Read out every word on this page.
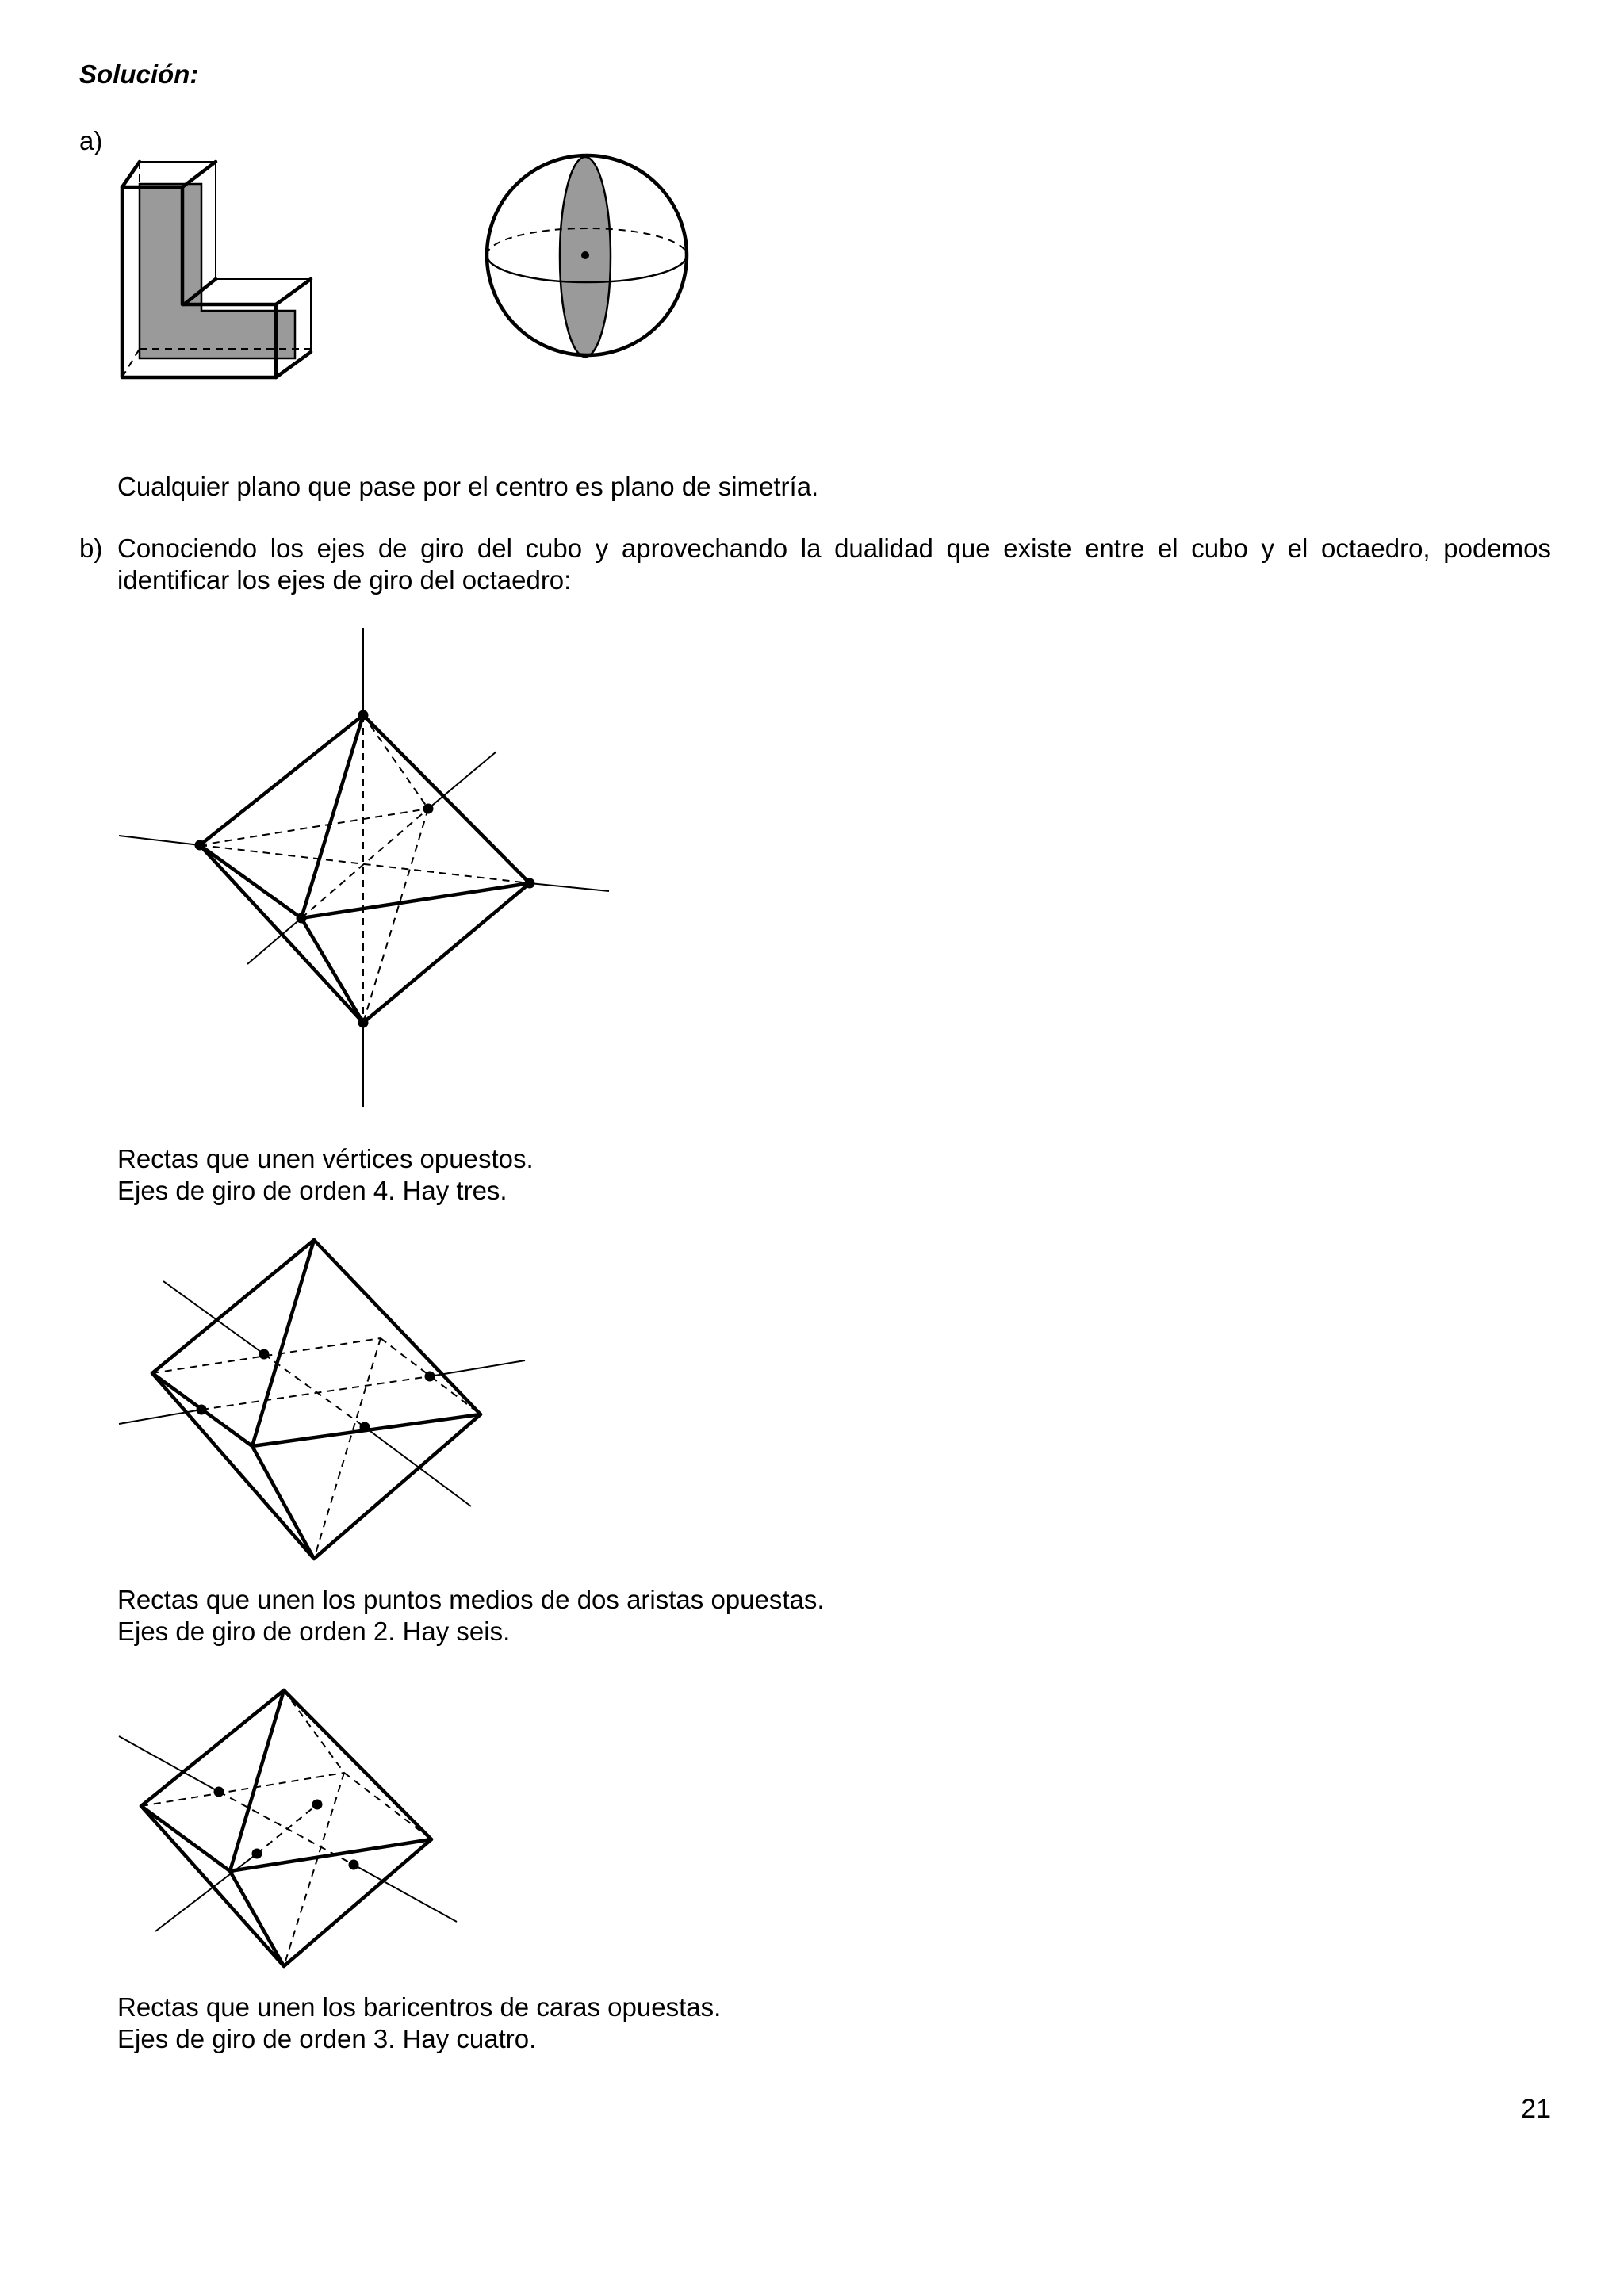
Solución:

a)

Cualquier plano que pase por el centro es plano de simetría.

b) Conociendo los ejes de giro del cubo y aprovechando la dualidad que existe entre el cubo y el octaedro, podemos identificar los ejes de giro del octaedro:

Rectas que unen vértices opuestos.

Ejes de giro de orden 4. Hay tres.

Rectas que unen los puntos medios de dos aristas opuestas.

Ejes de giro de orden 2. Hay seis.

Rectas que unen los baricentros de caras opuestas.

Ejes de giro de orden 3. Hay cuatro.

21
